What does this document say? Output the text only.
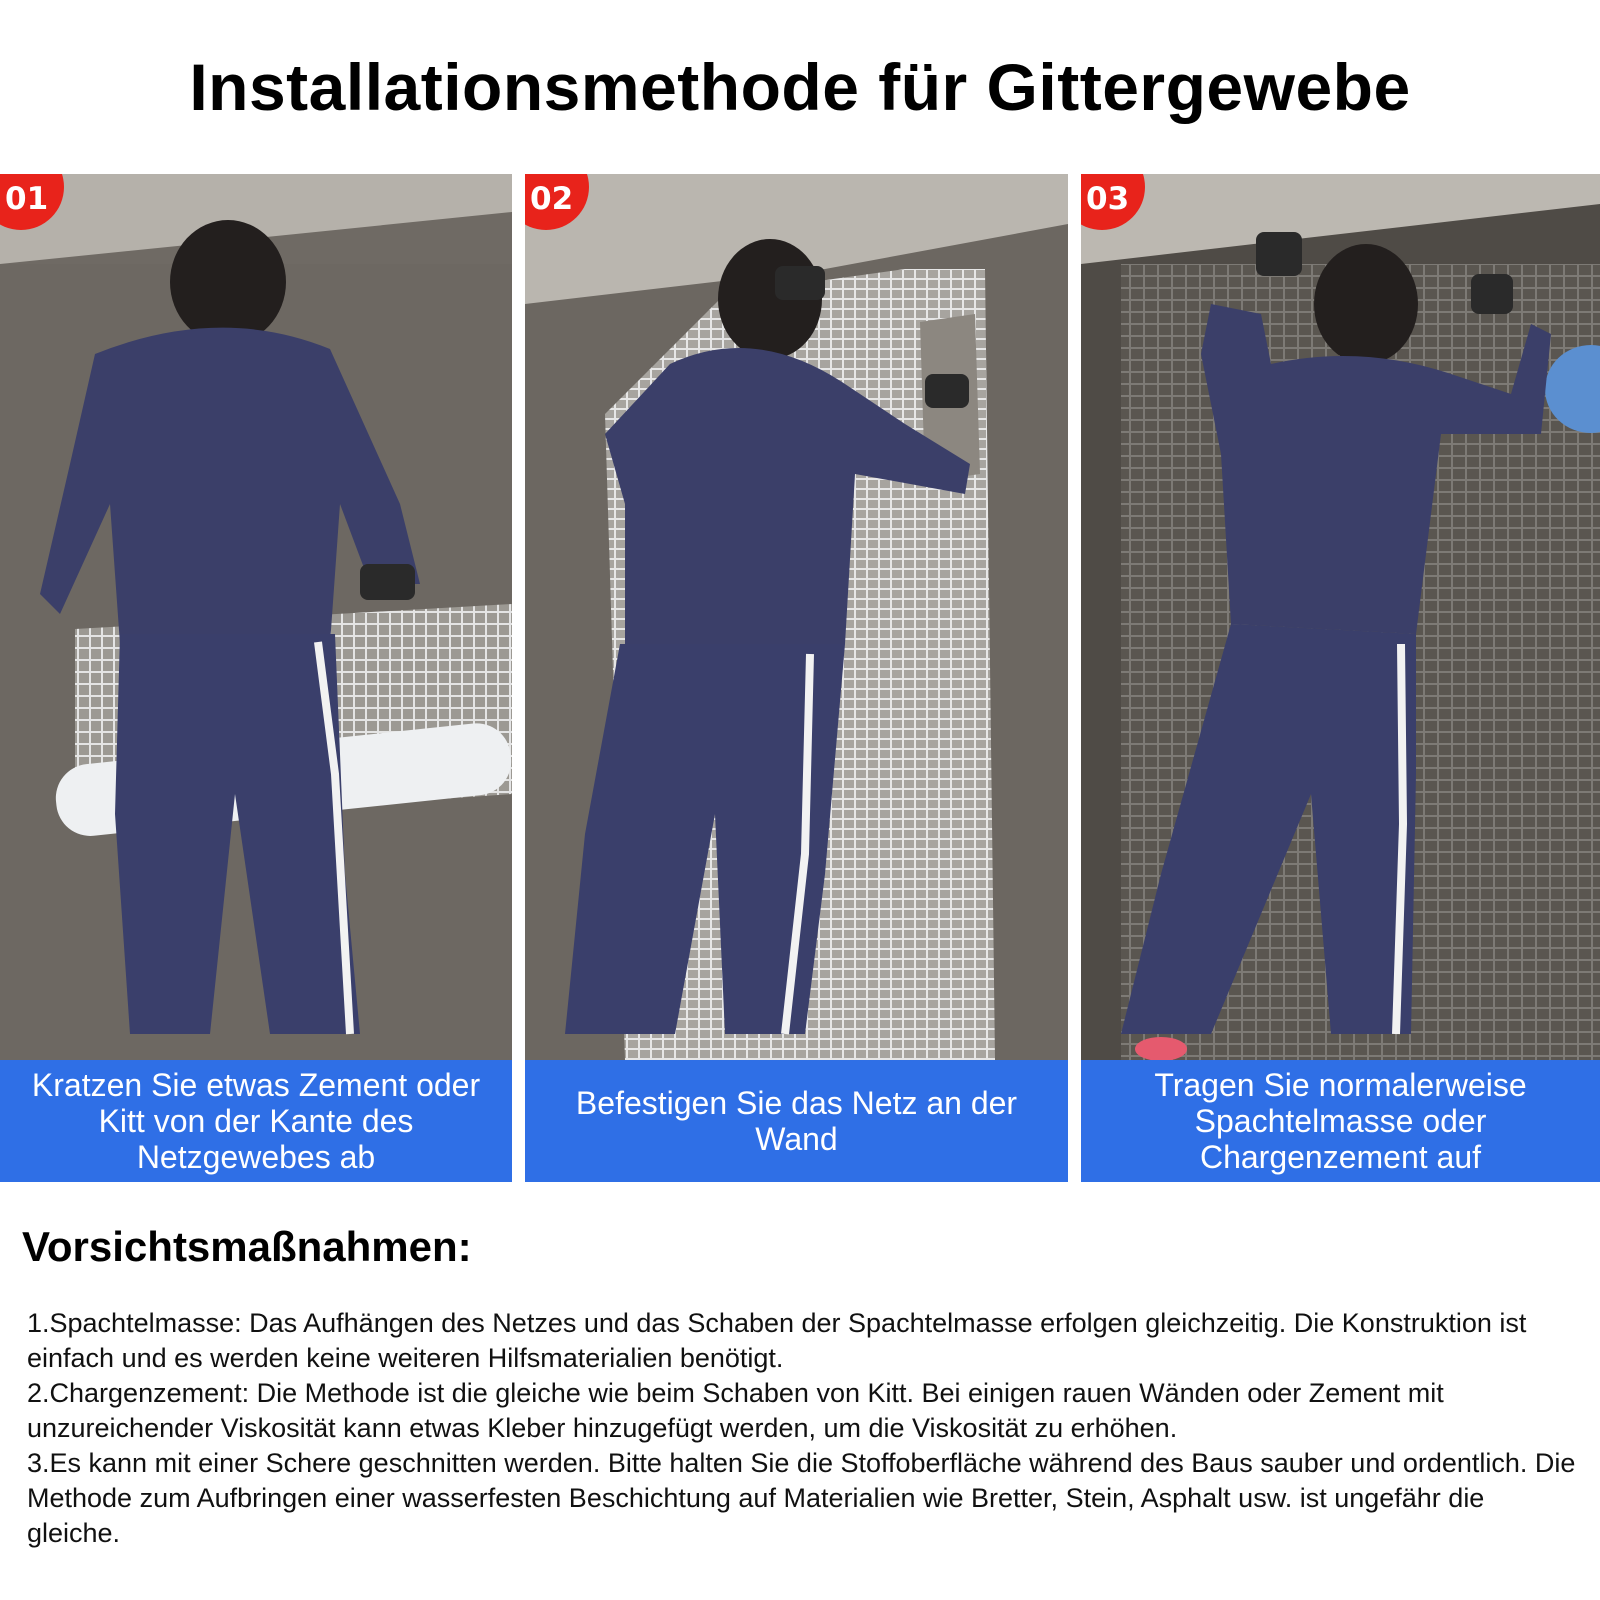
Installationsmethode für Gittergewebe
01
Kratzen Sie etwas Zement oder Kitt von der Kante des Netzgewebes ab
02
Befestigen Sie das Netz an der Wand
03
Tragen Sie normalerweise Spachtelmasse oder Chargenzement auf
Vorsichtsmaßnahmen:

1.Spachtelmasse: Das Aufhängen des Netzes und das Schaben der Spachtelmasse erfolgen gleichzeitig. Die Konstruktion ist einfach und es werden keine weiteren Hilfsmaterialien benötigt.

2.Chargenzement: Die Methode ist die gleiche wie beim Schaben von Kitt. Bei einigen rauen Wänden oder Zement mit unzureichender Viskosität kann etwas Kleber hinzugefügt werden, um die Viskosität zu erhöhen.

3.Es kann mit einer Schere geschnitten werden. Bitte halten Sie die Stoffoberfläche während des Baus sauber und ordentlich. Die Methode zum Aufbringen einer wasserfesten Beschichtung auf Materialien wie Bretter, Stein, Asphalt usw. ist ungefähr die gleiche.
